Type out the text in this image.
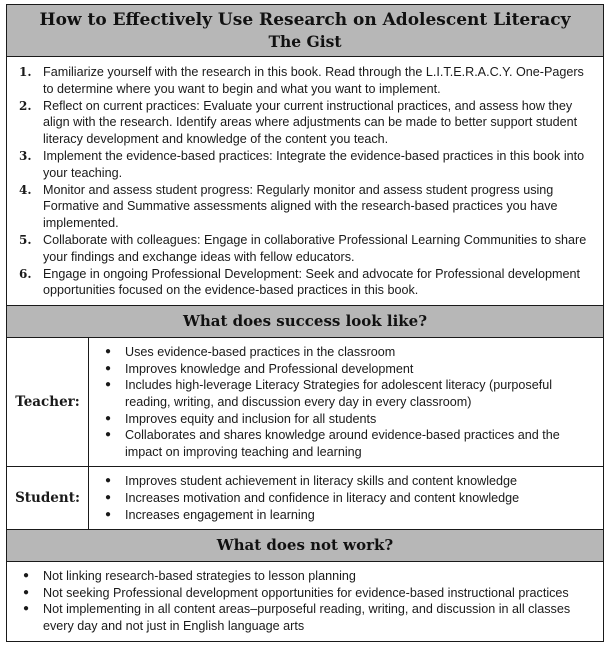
How to Effectively Use Research on Adolescent Literacy
The Gist
1. Familiarize yourself with the research in this book. Read through the L.I.T.E.R.A.C.Y. One-Pagers to determine where you want to begin and what you want to implement.
2. Reflect on current practices: Evaluate your current instructional practices, and assess how they align with the research. Identify areas where adjustments can be made to better support student literacy development and knowledge of the content you teach.
3. Implement the evidence-based practices: Integrate the evidence-based practices in this book into your teaching.
4. Monitor and assess student progress: Regularly monitor and assess student progress using Formative and Summative assessments aligned with the research-based practices you have implemented.
5. Collaborate with colleagues: Engage in collaborative Professional Learning Communities to share your findings and exchange ideas with fellow educators.
6. Engage in ongoing Professional Development: Seek and advocate for Professional development opportunities focused on the evidence-based practices in this book.
What does success look like?
Teacher:
●	Uses evidence-based practices in the classroom
●	Improves knowledge and Professional development
●	Includes high-leverage Literacy Strategies for adolescent literacy (purposeful reading, writing, and discussion every day in every classroom)
●	Improves equity and inclusion for all students
●	Collaborates and shares knowledge around evidence-based practices and the impact on improving teaching and learning
Student:
●	Improves student achievement in literacy skills and content knowledge
●	Increases motivation and confidence in literacy and content knowledge
●	Increases engagement in learning
What does not work?
●	Not linking research-based strategies to lesson planning
●	Not seeking Professional development opportunities for evidence-based instructional practices
●	Not implementing in all content areas–purposeful reading, writing, and discussion in all classes every day and not just in English language arts
